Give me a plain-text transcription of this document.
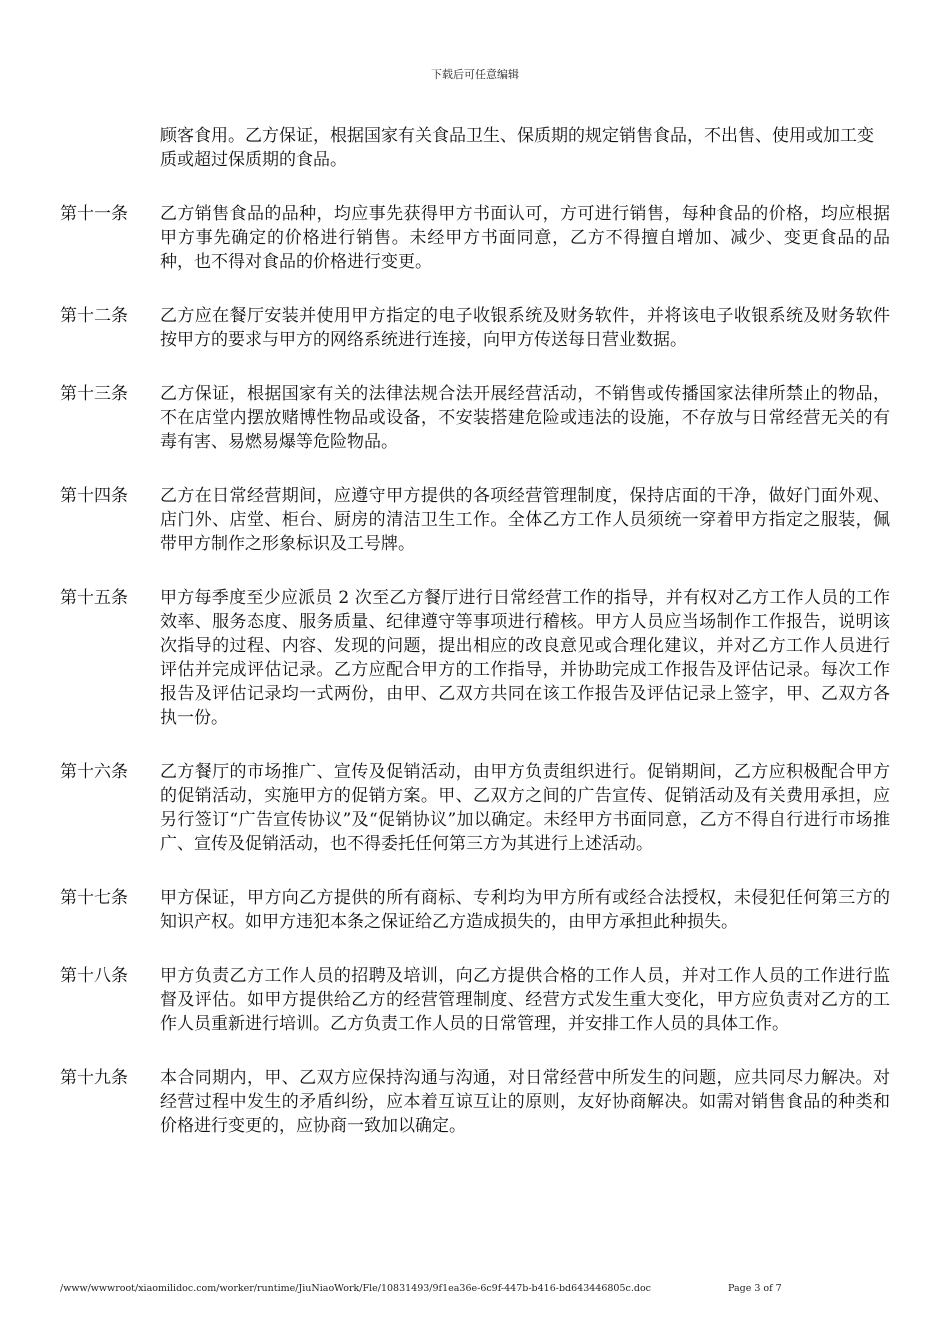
下载后可任意编辑
顾客食用。乙方保证，根据国家有关食品卫生、保质期的规定销售食品，不出售、使用或加工变质或超过保质期的食品。
第十一条	乙方销售食品的品种，均应事先获得甲方书面认可，方可进行销售，每种食品的价格，均应根据甲方事先确定的价格进行销售。未经甲方书面同意，乙方不得擅自增加、减少、变更食品的品种，也不得对食品的价格进行变更。
第十二条	乙方应在餐厅安装并使用甲方指定的电子收银系统及财务软件，并将该电子收银系统及财务软件按甲方的要求与甲方的网络系统进行连接，向甲方传送每日营业数据。
第十三条	乙方保证，根据国家有关的法律法规合法开展经营活动，不销售或传播国家法律所禁止的物品，不在店堂内摆放赌博性物品或设备，不安装搭建危险或违法的设施，不存放与日常经营无关的有毒有害、易燃易爆等危险物品。
第十四条	乙方在日常经营期间，应遵守甲方提供的各项经营管理制度，保持店面的干净，做好门面外观、店门外、店堂、柜台、厨房的清洁卫生工作。全体乙方工作人员须统一穿着甲方指定之服装，佩带甲方制作之形象标识及工号牌。
第十五条	甲方每季度至少应派员 2 次至乙方餐厅进行日常经营工作的指导，并有权对乙方工作人员的工作效率、服务态度、服务质量、纪律遵守等事项进行稽核。甲方人员应当场制作工作报告，说明该次指导的过程、内容、发现的问题，提出相应的改良意见或合理化建议，并对乙方工作人员进行评估并完成评估记录。乙方应配合甲方的工作指导，并协助完成工作报告及评估记录。每次工作报告及评估记录均一式两份，由甲、乙双方共同在该工作报告及评估记录上签字，甲、乙双方各执一份。
第十六条	乙方餐厅的市场推广、宣传及促销活动，由甲方负责组织进行。促销期间，乙方应积极配合甲方的促销活动，实施甲方的促销方案。甲、乙双方之间的广告宣传、促销活动及有关费用承担，应另行签订“广告宣传协议”及“促销协议”加以确定。未经甲方书面同意，乙方不得自行进行市场推广、宣传及促销活动，也不得委托任何第三方为其进行上述活动。
第十七条	甲方保证，甲方向乙方提供的所有商标、专利均为甲方所有或经合法授权，未侵犯任何第三方的知识产权。如甲方违犯本条之保证给乙方造成损失的，由甲方承担此种损失。
第十八条	甲方负责乙方工作人员的招聘及培训，向乙方提供合格的工作人员，并对工作人员的工作进行监督及评估。如甲方提供给乙方的经营管理制度、经营方式发生重大变化，甲方应负责对乙方的工作人员重新进行培训。乙方负责工作人员的日常管理，并安排工作人员的具体工作。
第十九条	本合同期内，甲、乙双方应保持沟通与沟通，对日常经营中所发生的问题，应共同尽力解决。对经营过程中发生的矛盾纠纷，应本着互谅互让的原则，友好协商解决。如需对销售食品的种类和价格进行变更的，应协商一致加以确定。
/www/wwwroot/xiaomilidoc.com/worker/runtime/JiuNiaoWork/Fle/10831493/9f1ea36e-6c9f-447b-b416-bd643446805c.doc	Page 3 of 7
